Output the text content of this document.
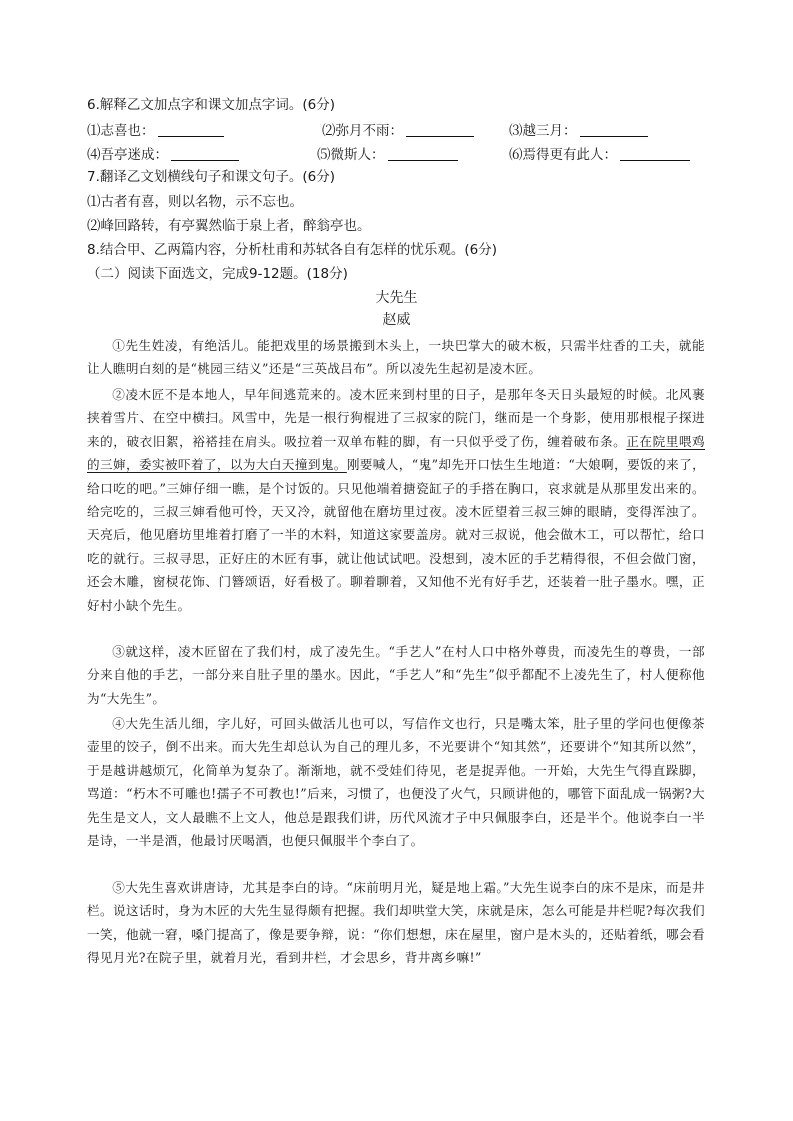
6.解释乙文加点字和课文加点字词。(6分)
⑴志喜也：	⑵弥月不雨：	⑶越三月：
⑷吾亭迷成：	⑸微斯人：	⑹焉得更有此人：
7.翻译乙文划横线句子和课文句子。(6分)
⑴古者有喜，则以名物，示不忘也。
⑵峰回路转，有亭翼然临于泉上者，醉翁亭也。
8.结合甲、乙两篇内容，分析杜甫和苏轼各自有怎样的忧乐观。(6分)
（二）阅读下面选文，完成9-12题。(18分)
大先生
赵威
①先生姓凌，有绝活儿。能把戏里的场景搬到木头上，一块巴掌大的破木板，只需半炷香的工夫，就能让人瞧明白刻的是“桃园三结义”还是“三英战吕布”。所以凌先生起初是凌木匠。
②凌木匠不是本地人，早年间逃荒来的。凌木匠来到村里的日子，是那年冬天日头最短的时候。北风裹挟着雪片、在空中横扫。风雪中，先是一根行狗棍进了三叔家的院门，继而是一个身影，使用那根棍子探进来的，破衣旧絮，裕褡挂在肩头。吸拉着一双单布鞋的脚，有一只似乎受了伤，缠着破布条。正在院里喂鸡的三婶，委实被吓着了，以为大白天撞到鬼。刚要喊人，“鬼”却先开口怯生生地道：“大娘啊，要饭的来了，给口吃的吧。”三婶仔细一瞧，是个讨饭的。只见他端着搪瓷缸子的手搭在胸口，哀求就是从那里发出来的。给完吃的，三叔三婶看他可怜，天又冷，就留他在磨坊里过夜。凌木匠望着三叔三婶的眼睛，变得浑浊了。天亮后，他见磨坊里堆着打磨了一半的木料，知道这家要盖房。就对三叔说，他会做木工，可以帮忙，给口吃的就行。三叔寻思，正好庄的木匠有事，就让他试试吧。没想到，凌木匠的手艺精得很，不但会做门窗，还会木雕，窗棂花饰、门簪颂语，好看极了。聊着聊着，又知他不光有好手艺，还装着一肚子墨水。嘿，正好村小缺个先生。
③就这样，凌木匠留在了我们村，成了凌先生。“手艺人”在村人口中格外尊贵，而凌先生的尊贵，一部分来自他的手艺，一部分来自肚子里的墨水。因此，“手艺人”和“先生”似乎都配不上凌先生了，村人便称他为“大先生”。
④大先生活儿细，字儿好，可回头做活儿也可以，写信作文也行，只是嘴太笨，肚子里的学问也便像茶壶里的饺子，倒不出来。而大先生却总认为自己的理儿多，不光要讲个“知其然”，还要讲个“知其所以然”，于是越讲越烦冗，化简单为复杂了。渐渐地，就不受娃们待见，老是捉弄他。一开始，大先生气得直跺脚，骂道：“朽木不可雕也!孺子不可教也!”后来，习惯了，也便没了火气，只顾讲他的，哪管下面乱成一锅粥?大先生是文人，文人最瞧不上文人，他总是跟我们讲，历代风流才子中只佩服李白，还是半个。他说李白一半是诗，一半是酒，他最讨厌喝酒，也便只佩服半个李白了。
⑤大先生喜欢讲唐诗，尤其是李白的诗。“床前明月光，疑是地上霜。”大先生说李白的床不是床，而是井栏。说这话时，身为木匠的大先生显得颇有把握。我们却哄堂大笑，床就是床，怎么可能是井栏呢?每次我们一笑，他就一窘，嗓门提高了，像是要争辩，说：“你们想想，床在屋里，窗户是木头的，还贴着纸，哪会看得见月光?在院子里，就着月光，看到井栏，才会思乡，背井离乡嘛!”
